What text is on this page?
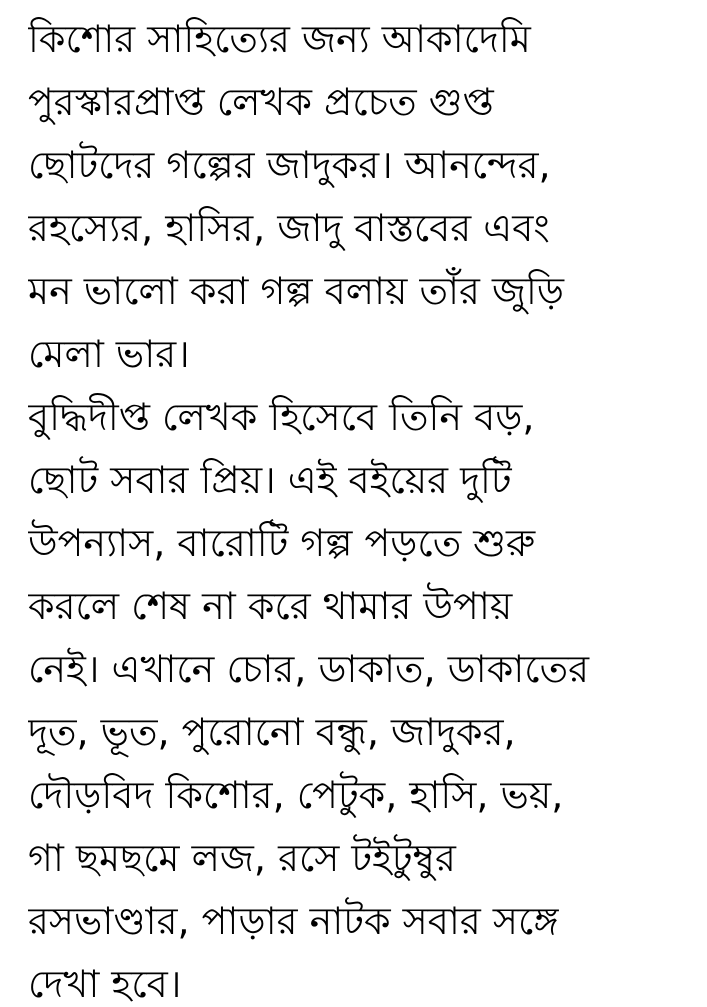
কিশোর সাহিত্যের জন্য আকাদেমি
পুরস্কারপ্রাপ্ত লেখক প্রচেত গুপ্ত
ছোটদের গল্পের জাদুকর। আনন্দের,
রহস্যের, হাসির, জাদু বাস্তবের এবং
মন ভালো করা গল্প বলায় তাঁর জুড়ি
মেলা ভার।
বুদ্ধিদীপ্ত লেখক হিসেবে তিনি বড়,
ছোট সবার প্রিয়। এই বইয়ের দুটি
উপন্যাস, বারোটি গল্প পড়তে শুরু
করলে শেষ না করে থামার উপায়
নেই। এখানে চোর, ডাকাত, ডাকাতের
দূত, ভূত, পুরোনো বন্ধু, জাদুকর,
দৌড়বিদ কিশোর, পেটুক, হাসি, ভয়,
গা ছমছমে লজ, রসে টইটুম্বুর
রসভাণ্ডার, পাড়ার নাটক সবার সঙ্গে
দেখা হবে।
